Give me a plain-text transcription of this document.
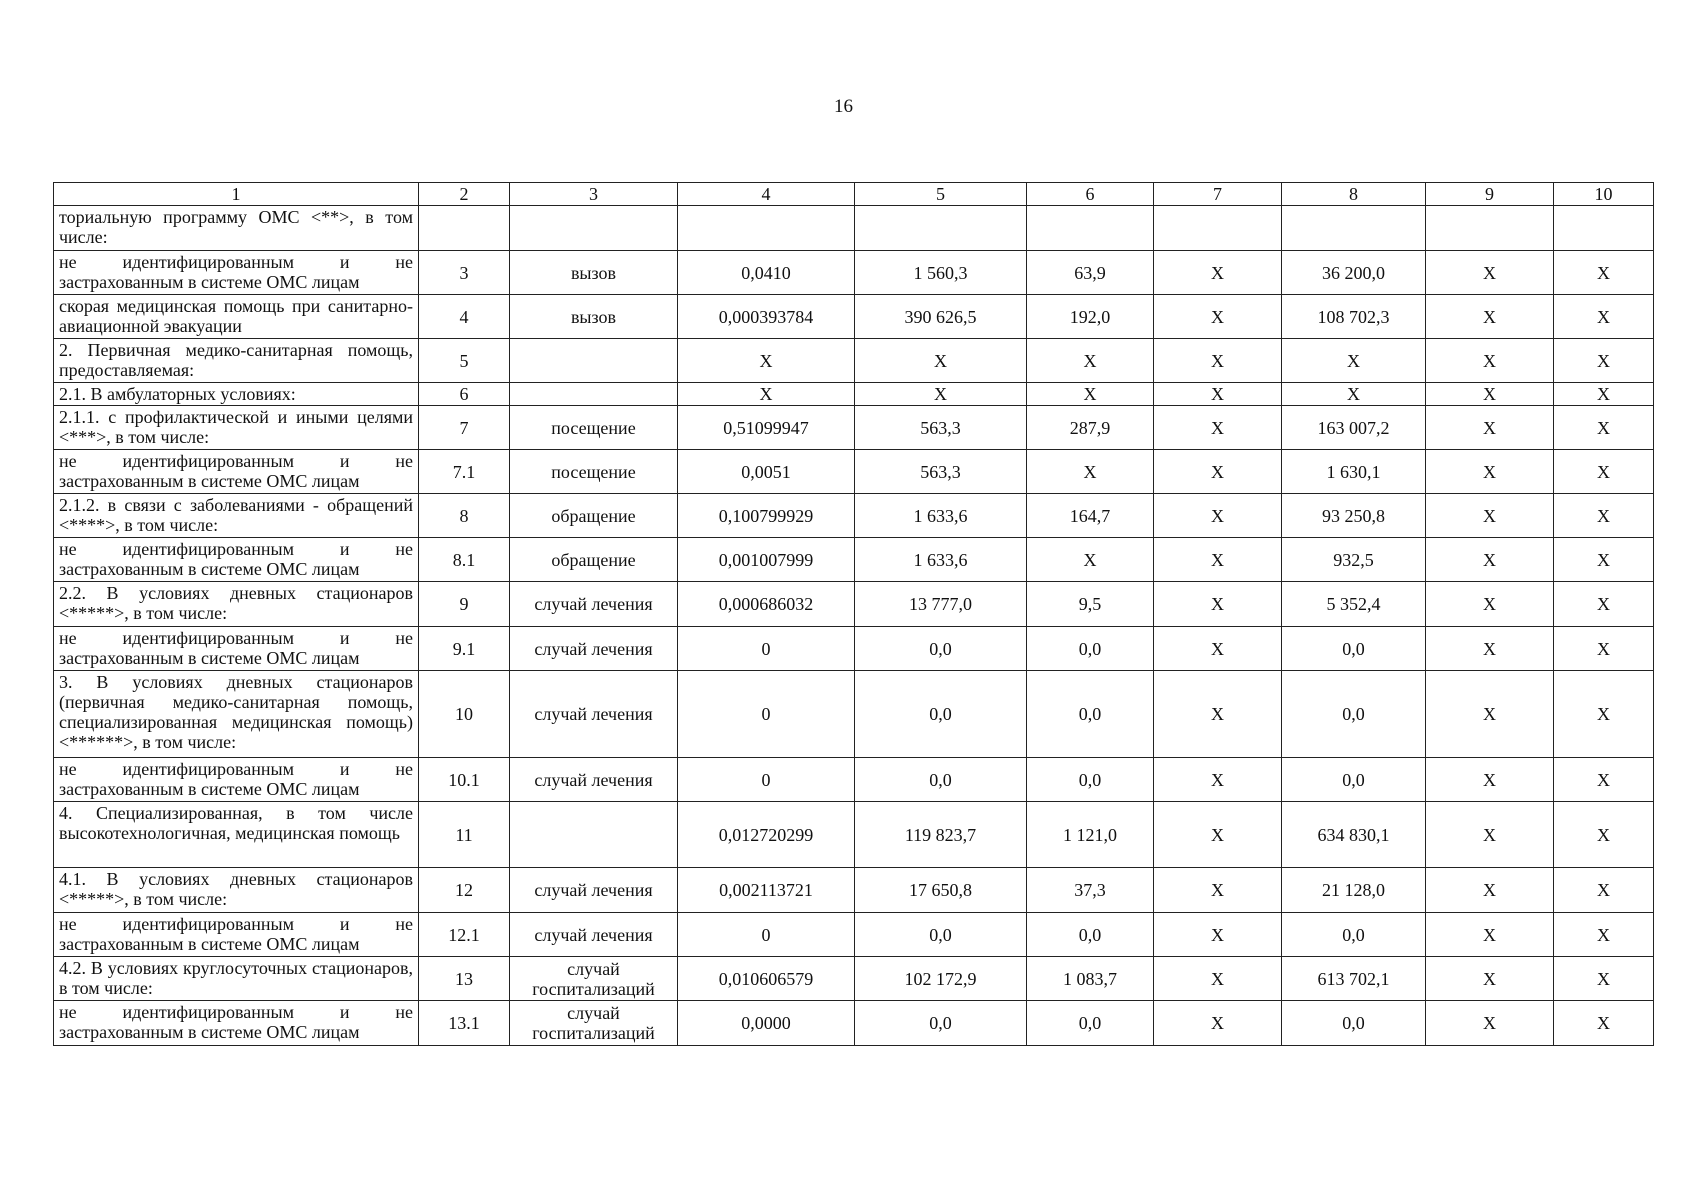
16
1	2	3	4	5	6	7	8	9	10
ториальную программу ОМС <**>, в том числе:									
не идентифицированным и не застрахованным в системе ОМС лицам	3	вызов	0,0410	1 560,3	63,9	X	36 200,0	X	X
скорая медицинская помощь при санитарно-авиационной эвакуации	4	вызов	0,000393784	390 626,5	192,0	X	108 702,3	X	X
2. Первичная медико-санитарная помощь, предоставляемая:	5		X	X	X	X	X	X	X
2.1. В амбулаторных условиях:	6		X	X	X	X	X	X	X
2.1.1. с профилактической и иными целями <***>, в том числе:	7	посещение	0,51099947	563,3	287,9	X	163 007,2	X	X
не идентифицированным и не застрахованным в системе ОМС лицам	7.1	посещение	0,0051	563,3	X	X	1 630,1	X	X
2.1.2. в связи с заболеваниями - обращений <****>, в том числе:	8	обращение	0,100799929	1 633,6	164,7	X	93 250,8	X	X
не идентифицированным и не застрахованным в системе ОМС лицам	8.1	обращение	0,001007999	1 633,6	X	X	932,5	X	X
2.2. В условиях дневных стационаров <*****>, в том числе:	9	случай лечения	0,000686032	13 777,0	9,5	X	5 352,4	X	X
не идентифицированным и не застрахованным в системе ОМС лицам	9.1	случай лечения	0	0,0	0,0	X	0,0	X	X
3. В условиях дневных стационаров (первичная медико-санитарная помощь, специализированная медицинская помощь) <******>, в том числе:	10	случай лечения	0	0,0	0,0	X	0,0	X	X
не идентифицированным и не застрахованным в системе ОМС лицам	10.1	случай лечения	0	0,0	0,0	X	0,0	X	X
4. Специализированная, в том числе высокотехнологичная, медицинская помощь	11		0,012720299	119 823,7	1 121,0	X	634 830,1	X	X
4.1. В условиях дневных стационаров <*****>, в том числе:	12	случай лечения	0,002113721	17 650,8	37,3	X	21 128,0	X	X
не идентифицированным и не застрахованным в системе ОМС лицам	12.1	случай лечения	0	0,0	0,0	X	0,0	X	X
4.2. В условиях круглосуточных стационаров, в том числе:	13	случай госпитализаций	0,010606579	102 172,9	1 083,7	X	613 702,1	X	X
не идентифицированным и не застрахованным в системе ОМС лицам	13.1	случай госпитализаций	0,0000	0,0	0,0	X	0,0	X	X
